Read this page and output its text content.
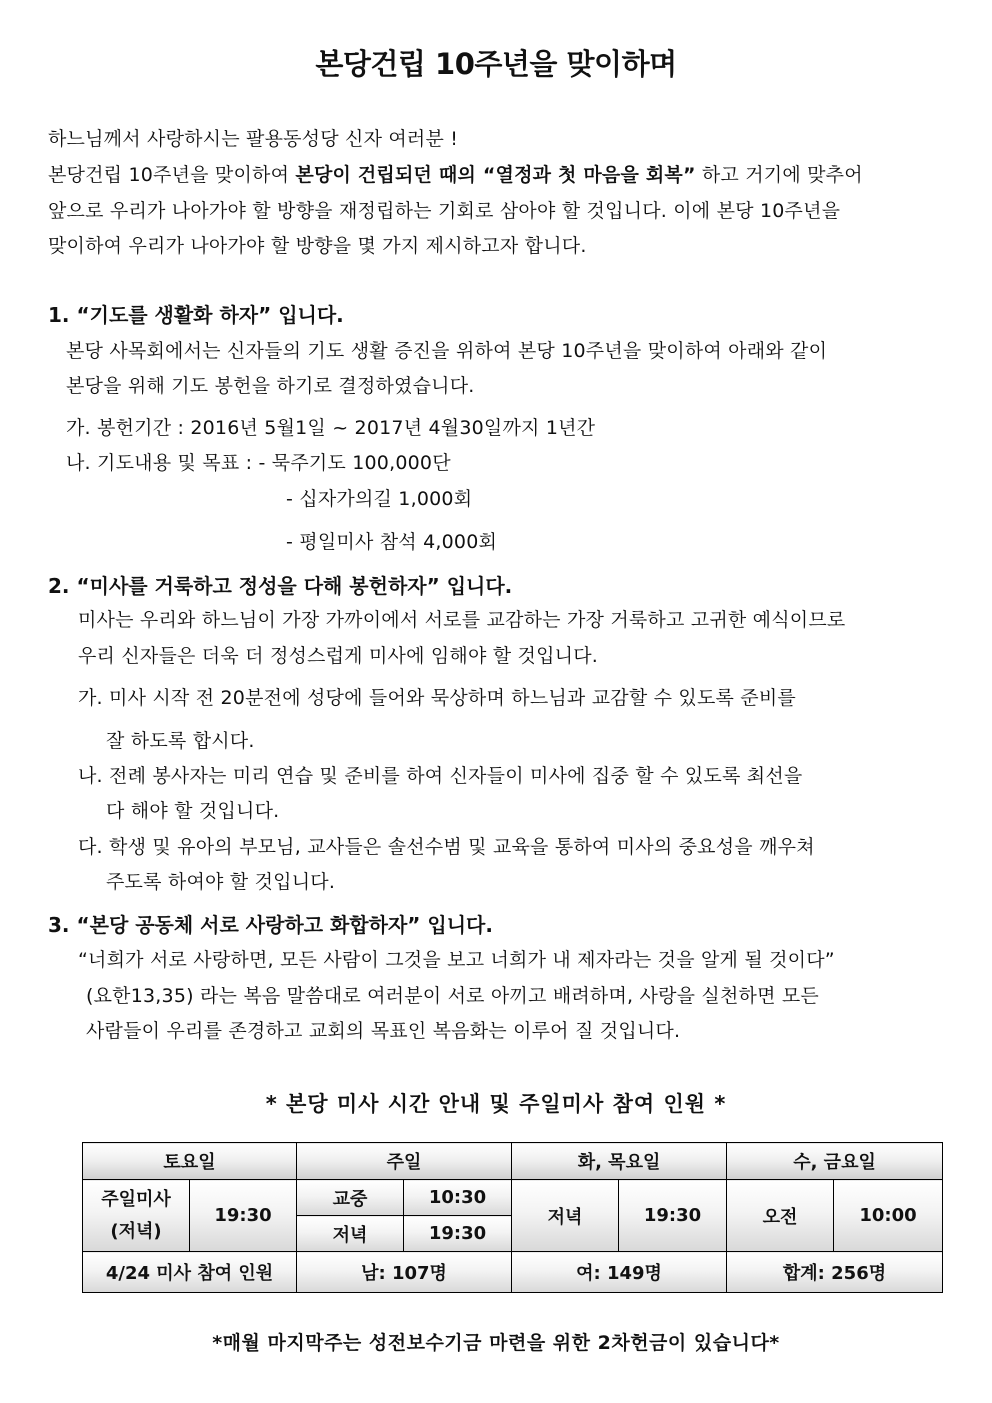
본당건립 10주년을 맞이하며
하느님께서 사랑하시는 팔용동성당 신자 여러분 !
본당건립 10주년을 맞이하여 본당이 건립되던 때의 “열정과 첫 마음을 회복” 하고 거기에 맞추어
앞으로 우리가 나아가야 할 방향을 재정립하는 기회로 삼아야 할 것입니다. 이에 본당 10주년을
맞이하여 우리가 나아가야 할 방향을 몇 가지 제시하고자 합니다.
1. “기도를 생활화 하자” 입니다.
본당 사목회에서는 신자들의 기도 생활 증진을 위하여 본당 10주년을 맞이하여 아래와 같이
본당을 위해 기도 봉헌을 하기로 결정하였습니다.
가. 봉헌기간 : 2016년 5월1일 ~ 2017년 4월30일까지 1년간
나. 기도내용 및 목표 : - 묵주기도 100,000단
- 십자가의길 1,000회
- 평일미사 참석 4,000회
2. “미사를 거룩하고 정성을 다해 봉헌하자” 입니다.
미사는 우리와 하느님이 가장 가까이에서 서로를 교감하는 가장 거룩하고 고귀한 예식이므로
우리 신자들은 더욱 더 정성스럽게 미사에 임해야 할 것입니다.
가. 미사 시작 전 20분전에 성당에 들어와 묵상하며 하느님과 교감할 수 있도록 준비를
잘 하도록 합시다.
나. 전례 봉사자는 미리 연습 및 준비를 하여 신자들이 미사에 집중 할 수 있도록 최선을
다 해야 할 것입니다.
다. 학생 및 유아의 부모님, 교사들은 솔선수범 및 교육을 통하여 미사의 중요성을 깨우쳐
주도록 하여야 할 것입니다.
3. “본당 공동체 서로 사랑하고 화합하자” 입니다.
“너희가 서로 사랑하면, 모든 사람이 그것을 보고 너희가 내 제자라는 것을 알게 될 것이다”
(요한13,35) 라는 복음 말씀대로 여러분이 서로 아끼고 배려하며, 사랑을 실천하면 모든
사람들이 우리를 존경하고 교회의 목표인 복음화는 이루어 질 것입니다.
* 본당 미사 시간 안내 및 주일미사 참여 인원 *
토요일		주일		화, 목요일		수, 금요일	

주일미사
(저녁)	19:30	교중	10:30	저녁	19:30	오전	10:00
		저녁	19:30				
4/24 미사 참여 인원		남: 107명		여: 149명		합계: 256명	
*매월 마지막주는 성전보수기금 마련을 위한 2차헌금이 있습니다*
